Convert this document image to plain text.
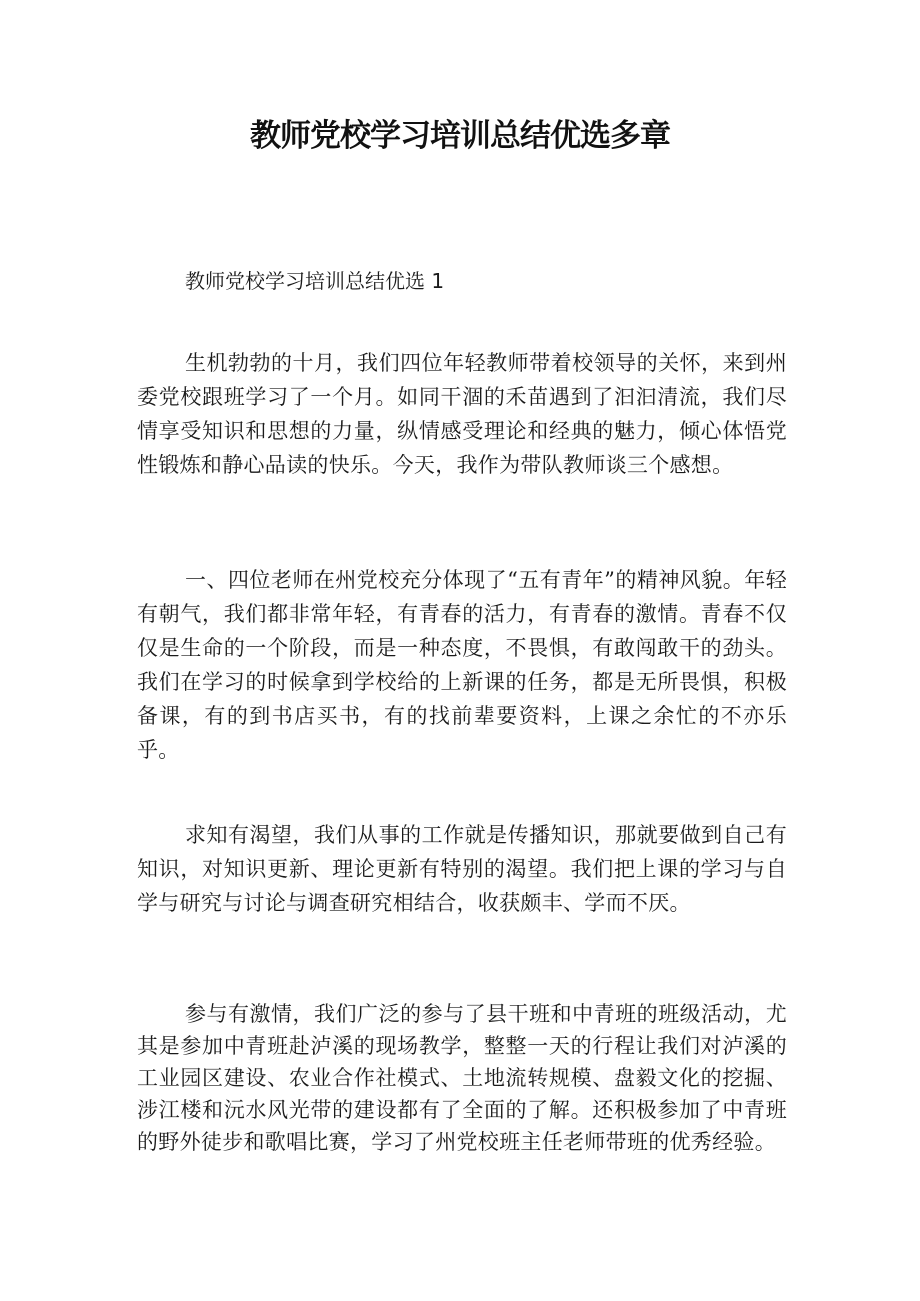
教师党校学习培训总结优选多章
教师党校学习培训总结优选 1

生机勃勃的十月，我们四位年轻教师带着校领导的关怀，来到州委党校跟班学习了一个月。如同干涸的禾苗遇到了汩汩清流，我们尽情享受知识和思想的力量，纵情感受理论和经典的魅力，倾心体悟党性锻炼和静心品读的快乐。今天，我作为带队教师谈三个感想。

一、四位老师在州党校充分体现了“五有青年”的精神风貌。年轻有朝气，我们都非常年轻，有青春的活力，有青春的激情。青春不仅仅是生命的一个阶段，而是一种态度，不畏惧，有敢闯敢干的劲头。我们在学习的时候拿到学校给的上新课的任务，都是无所畏惧，积极备课，有的到书店买书，有的找前辈要资料，上课之余忙的不亦乐乎。

求知有渴望，我们从事的工作就是传播知识，那就要做到自己有知识，对知识更新、理论更新有特别的渴望。我们把上课的学习与自学与研究与讨论与调查研究相结合，收获颇丰、学而不厌。

参与有激情，我们广泛的参与了县干班和中青班的班级活动，尤其是参加中青班赴泸溪的现场教学，整整一天的行程让我们对泸溪的工业园区建设、农业合作社模式、土地流转规模、盘毅文化的挖掘、涉江楼和沅水风光带的建设都有了全面的了解。还积极参加了中青班的野外徒步和歌唱比赛，学习了州党校班主任老师带班的优秀经验。
